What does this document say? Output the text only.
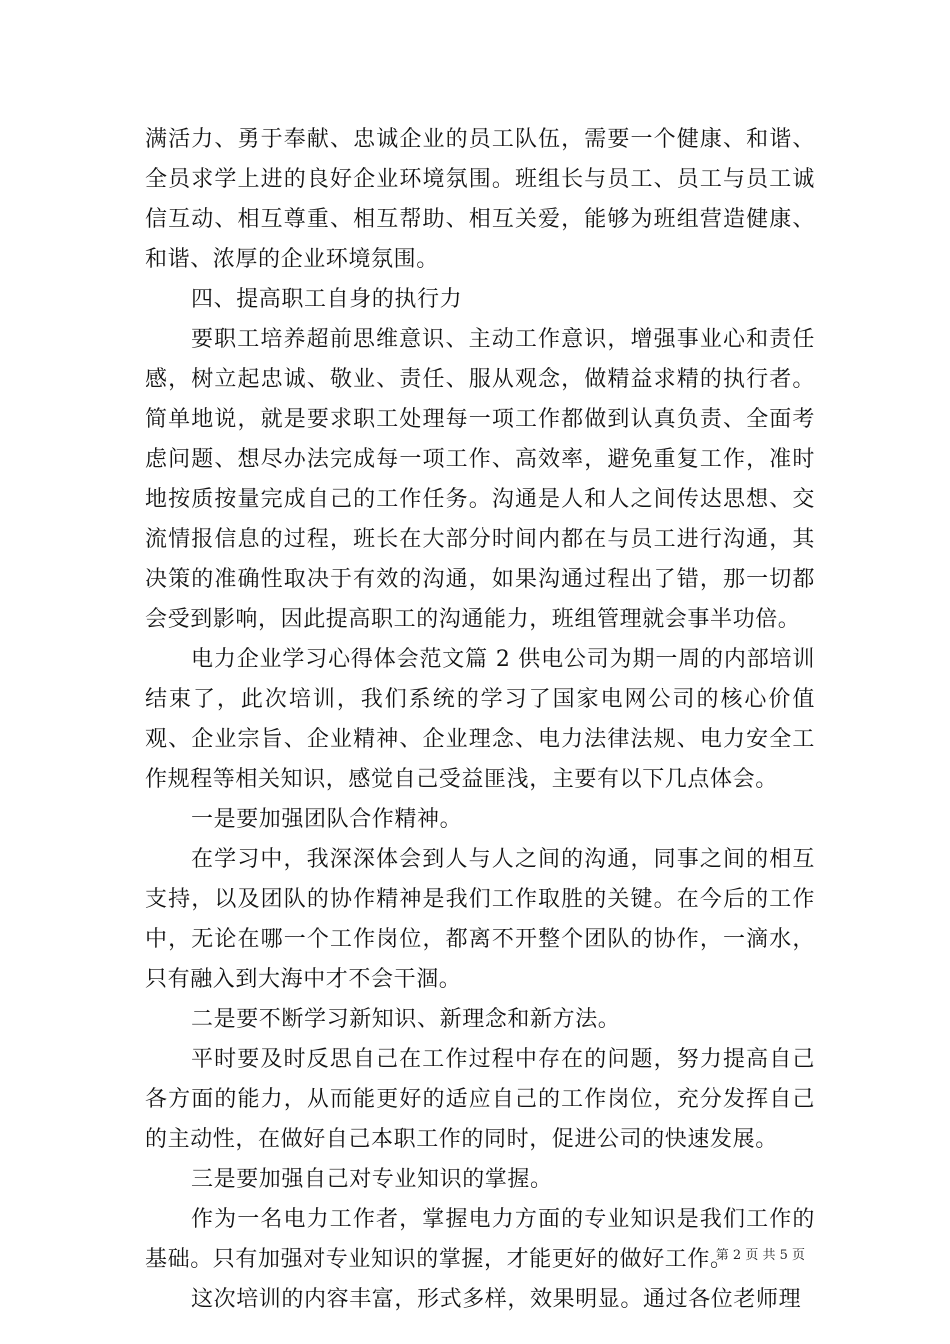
满活力、勇于奉献、忠诚企业的员工队伍，需要一个健康、和谐、全员求学上进的良好企业环境氛围。班组长与员工、员工与员工诚信互动、相互尊重、相互帮助、相互关爱，能够为班组营造健康、和谐、浓厚的企业环境氛围。

四、提高职工自身的执行力

要职工培养超前思维意识、主动工作意识，增强事业心和责任感，树立起忠诚、敬业、责任、服从观念，做精益求精的执行者。简单地说，就是要求职工处理每一项工作都做到认真负责、全面考虑问题、想尽办法完成每一项工作、高效率，避免重复工作，准时地按质按量完成自己的工作任务。沟通是人和人之间传达思想、交流情报信息的过程，班长在大部分时间内都在与员工进行沟通，其决策的准确性取决于有效的沟通，如果沟通过程出了错，那一切都会受到影响，因此提高职工的沟通能力，班组管理就会事半功倍。

电力企业学习心得体会范文篇 2 供电公司为期一周的内部培训结束了，此次培训，我们系统的学习了国家电网公司的核心价值观、企业宗旨、企业精神、企业理念、电力法律法规、电力安全工作规程等相关知识，感觉自己受益匪浅，主要有以下几点体会。

一是要加强团队合作精神。

在学习中，我深深体会到人与人之间的沟通，同事之间的相互支持，以及团队的协作精神是我们工作取胜的关键。在今后的工作中，无论在哪一个工作岗位，都离不开整个团队的协作，一滴水，只有融入到大海中才不会干涸。

二是要不断学习新知识、新理念和新方法。

平时要及时反思自己在工作过程中存在的问题，努力提高自己各方面的能力，从而能更好的适应自己的工作岗位，充分发挥自己的主动性，在做好自己本职工作的同时，促进公司的快速发展。

三是要加强自己对专业知识的掌握。

作为一名电力工作者，掌握电力方面的专业知识是我们工作的基础。只有加强对专业知识的掌握，才能更好的做好工作。

这次培训的内容丰富，形式多样，效果明显。通过各位老师理

第 2 页 共 5 页
